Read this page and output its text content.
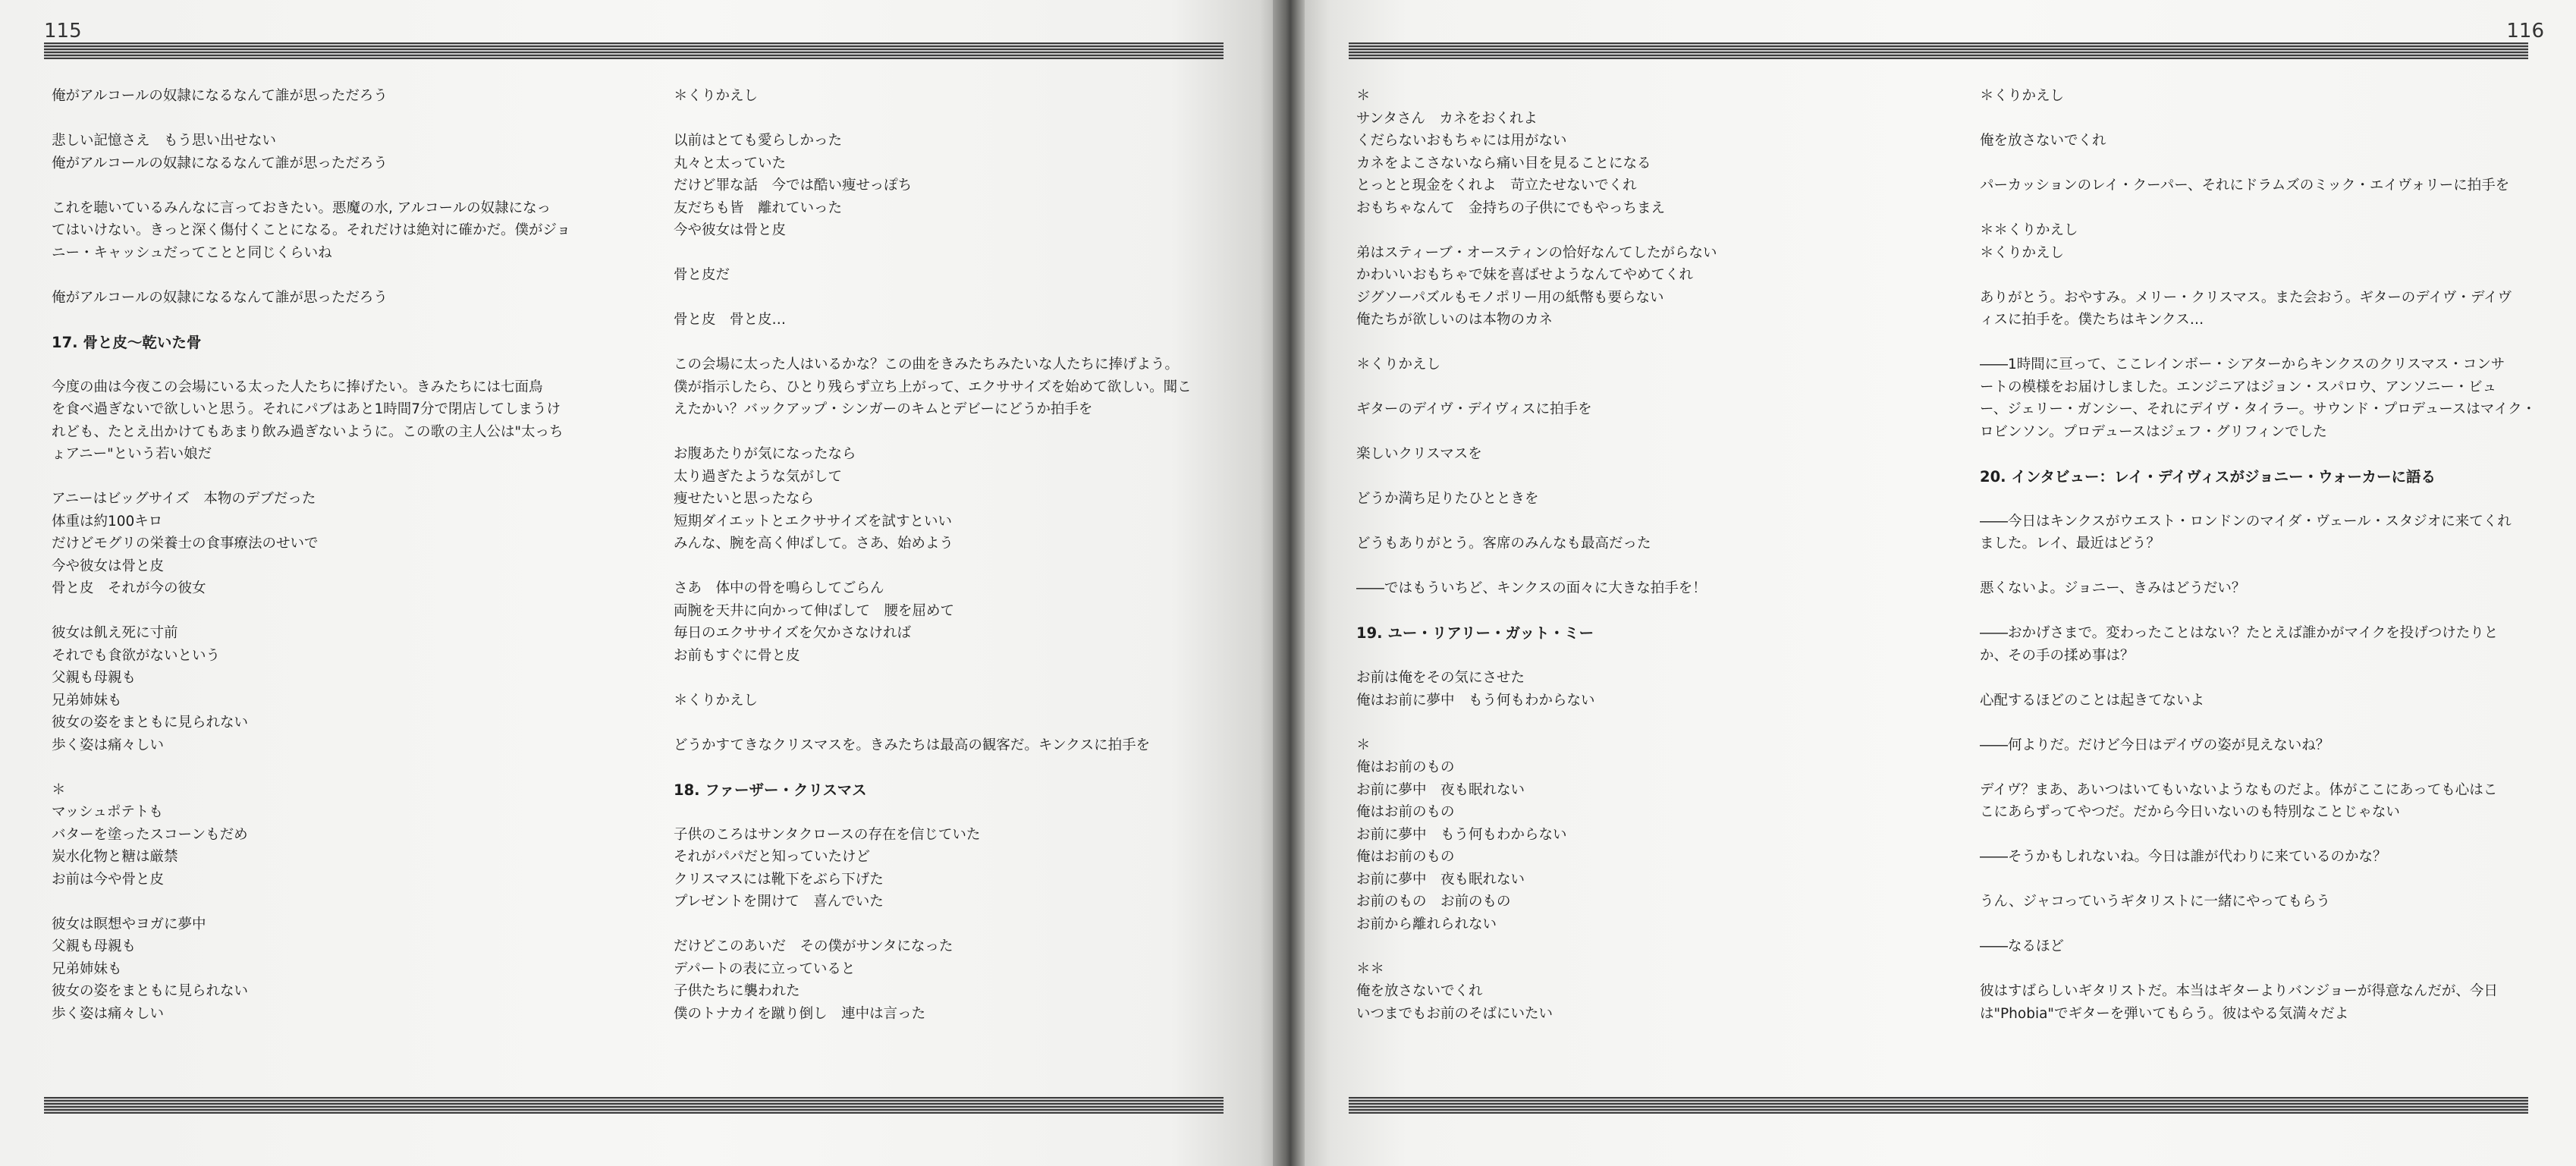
115
俺がアルコールの奴隷になるなんて誰が思っただろう
悲しい記憶さえ　もう思い出せない
俺がアルコールの奴隷になるなんて誰が思っただろう
これを聴いているみんなに言っておきたい。悪魔の水, アルコールの奴隷になっ
てはいけない。きっと深く傷付くことになる。それだけは絶対に確かだ。僕がジョ
ニー・キャッシュだってことと同じくらいね
俺がアルコールの奴隷になるなんて誰が思っただろう
17. 骨と皮～乾いた骨
今度の曲は今夜この会場にいる太った人たちに捧げたい。きみたちには七面鳥
を食べ過ぎないで欲しいと思う。それにパブはあと1時間7分で閉店してしまうけ
れども、たとえ出かけてもあまり飲み過ぎないように。この歌の主人公は"太っち
ょアニー"という若い娘だ
アニーはビッグサイズ　本物のデブだった
体重は約100キロ
だけどモグリの栄養士の食事療法のせいで
今や彼女は骨と皮
骨と皮　それが今の彼女
彼女は飢え死に寸前
それでも食欲がないという
父親も母親も
兄弟姉妹も
彼女の姿をまともに見られない
歩く姿は痛々しい
＊
マッシュポテトも
バターを塗ったスコーンもだめ
炭水化物と糖は厳禁
お前は今や骨と皮
彼女は瞑想やヨガに夢中
父親も母親も
兄弟姉妹も
彼女の姿をまともに見られない
歩く姿は痛々しい
＊くりかえし
以前はとても愛らしかった
丸々と太っていた
だけど罪な話　今では酷い痩せっぽち
友だちも皆　離れていった
今や彼女は骨と皮
骨と皮だ
骨と皮　骨と皮…
この会場に太った人はいるかな？この曲をきみたちみたいな人たちに捧げよう。
僕が指示したら、ひとり残らず立ち上がって、エクササイズを始めて欲しい。聞こ
えたかい？バックアップ・シンガーのキムとデビーにどうか拍手を
お腹あたりが気になったなら
太り過ぎたような気がして
痩せたいと思ったなら
短期ダイエットとエクササイズを試すといい
みんな、腕を高く伸ばして。さあ、始めよう
さあ　体中の骨を鳴らしてごらん
両腕を天井に向かって伸ばして　腰を屈めて
毎日のエクササイズを欠かさなければ
お前もすぐに骨と皮
＊くりかえし
どうかすてきなクリスマスを。きみたちは最高の観客だ。キンクスに拍手を
18. ファーザー・クリスマス
子供のころはサンタクロースの存在を信じていた
それがパパだと知っていたけど
クリスマスには靴下をぶら下げた
プレゼントを開けて　喜んでいた
だけどこのあいだ　その僕がサンタになった
デパートの表に立っていると
子供たちに襲われた
僕のトナカイを蹴り倒し　連中は言った
116
＊
サンタさん　カネをおくれよ
くだらないおもちゃには用がない
カネをよこさないなら痛い目を見ることになる
とっとと現金をくれよ　苛立たせないでくれ
おもちゃなんて　金持ちの子供にでもやっちまえ
弟はスティーブ・オースティンの恰好なんてしたがらない
かわいいおもちゃで妹を喜ばせようなんてやめてくれ
ジグソーパズルもモノポリー用の紙幣も要らない
俺たちが欲しいのは本物のカネ
＊くりかえし
ギターのデイヴ・デイヴィスに拍手を
楽しいクリスマスを
どうか満ち足りたひとときを
どうもありがとう。客席のみんなも最高だった
――ではもういちど、キンクスの面々に大きな拍手を！
19. ユー・リアリー・ガット・ミー
お前は俺をその気にさせた
俺はお前に夢中　もう何もわからない
＊
俺はお前のもの
お前に夢中　夜も眠れない
俺はお前のもの
お前に夢中　もう何もわからない
俺はお前のもの
お前に夢中　夜も眠れない
お前のもの　お前のもの
お前から離れられない
＊＊
俺を放さないでくれ
いつまでもお前のそばにいたい
＊くりかえし
俺を放さないでくれ
パーカッションのレイ・クーパー、それにドラムズのミック・エイヴォリーに拍手を
＊＊くりかえし
＊くりかえし
ありがとう。おやすみ。メリー・クリスマス。また会おう。ギターのデイヴ・デイヴ
ィスに拍手を。僕たちはキンクス…
――1時間に亘って、ここレインボー・シアターからキンクスのクリスマス・コンサ
ートの模様をお届けしました。エンジニアはジョン・スパロウ、アンソニー・ビュ
ー、ジェリー・ガンシー、それにデイヴ・タイラー。サウンド・プロデュースはマイク・
ロビンソン。プロデュースはジェフ・グリフィンでした
20. インタビュー：レイ・デイヴィスがジョニー・ウォーカーに語る
――今日はキンクスがウエスト・ロンドンのマイダ・ヴェール・スタジオに来てくれ
ました。レイ、最近はどう？
悪くないよ。ジョニー、きみはどうだい？
――おかげさまで。変わったことはない？たとえば誰かがマイクを投げつけたりと
か、その手の揉め事は？
心配するほどのことは起きてないよ
――何よりだ。だけど今日はデイヴの姿が見えないね？
デイヴ？まあ、あいつはいてもいないようなものだよ。体がここにあっても心はこ
こにあらずってやつだ。だから今日いないのも特別なことじゃない
――そうかもしれないね。今日は誰が代わりに来ているのかな？
うん、ジャコっていうギタリストに一緒にやってもらう
――なるほど
彼はすばらしいギタリストだ。本当はギターよりバンジョーが得意なんだが、今日
は"Phobia"でギターを弾いてもらう。彼はやる気満々だよ
